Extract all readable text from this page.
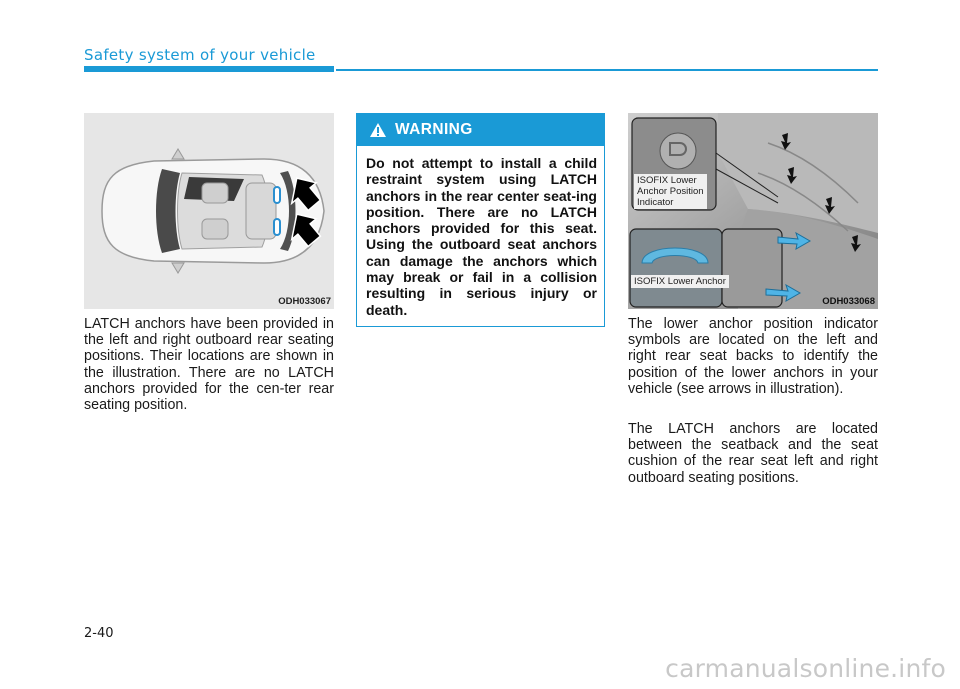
Safety system of your vehicle
ODH033067

LATCH anchors have been provided in the left and right outboard rear seating positions. Their locations are shown in the illustration. There are no LATCH anchors provided for the cen-ter rear seating position.

WARNING
Do not attempt to install a child restraint system using LATCH anchors in the rear center seat-ing position. There are no LATCH anchors provided for this seat. Using the outboard seat anchors can damage the anchors which may break or fail in a collision resulting in serious injury or death.
ISOFIX Lower
Anchor Position
Indicator
ISOFIX Lower Anchor
ODH033068

The lower anchor position indicator symbols are located on the left and right rear seat backs to identify the position of the lower anchors in your vehicle (see arrows in illustration).

The LATCH anchors are located between the seatback and the seat cushion of the rear seat left and right outboard seating positions.

2-40
carmanualsonline.info
